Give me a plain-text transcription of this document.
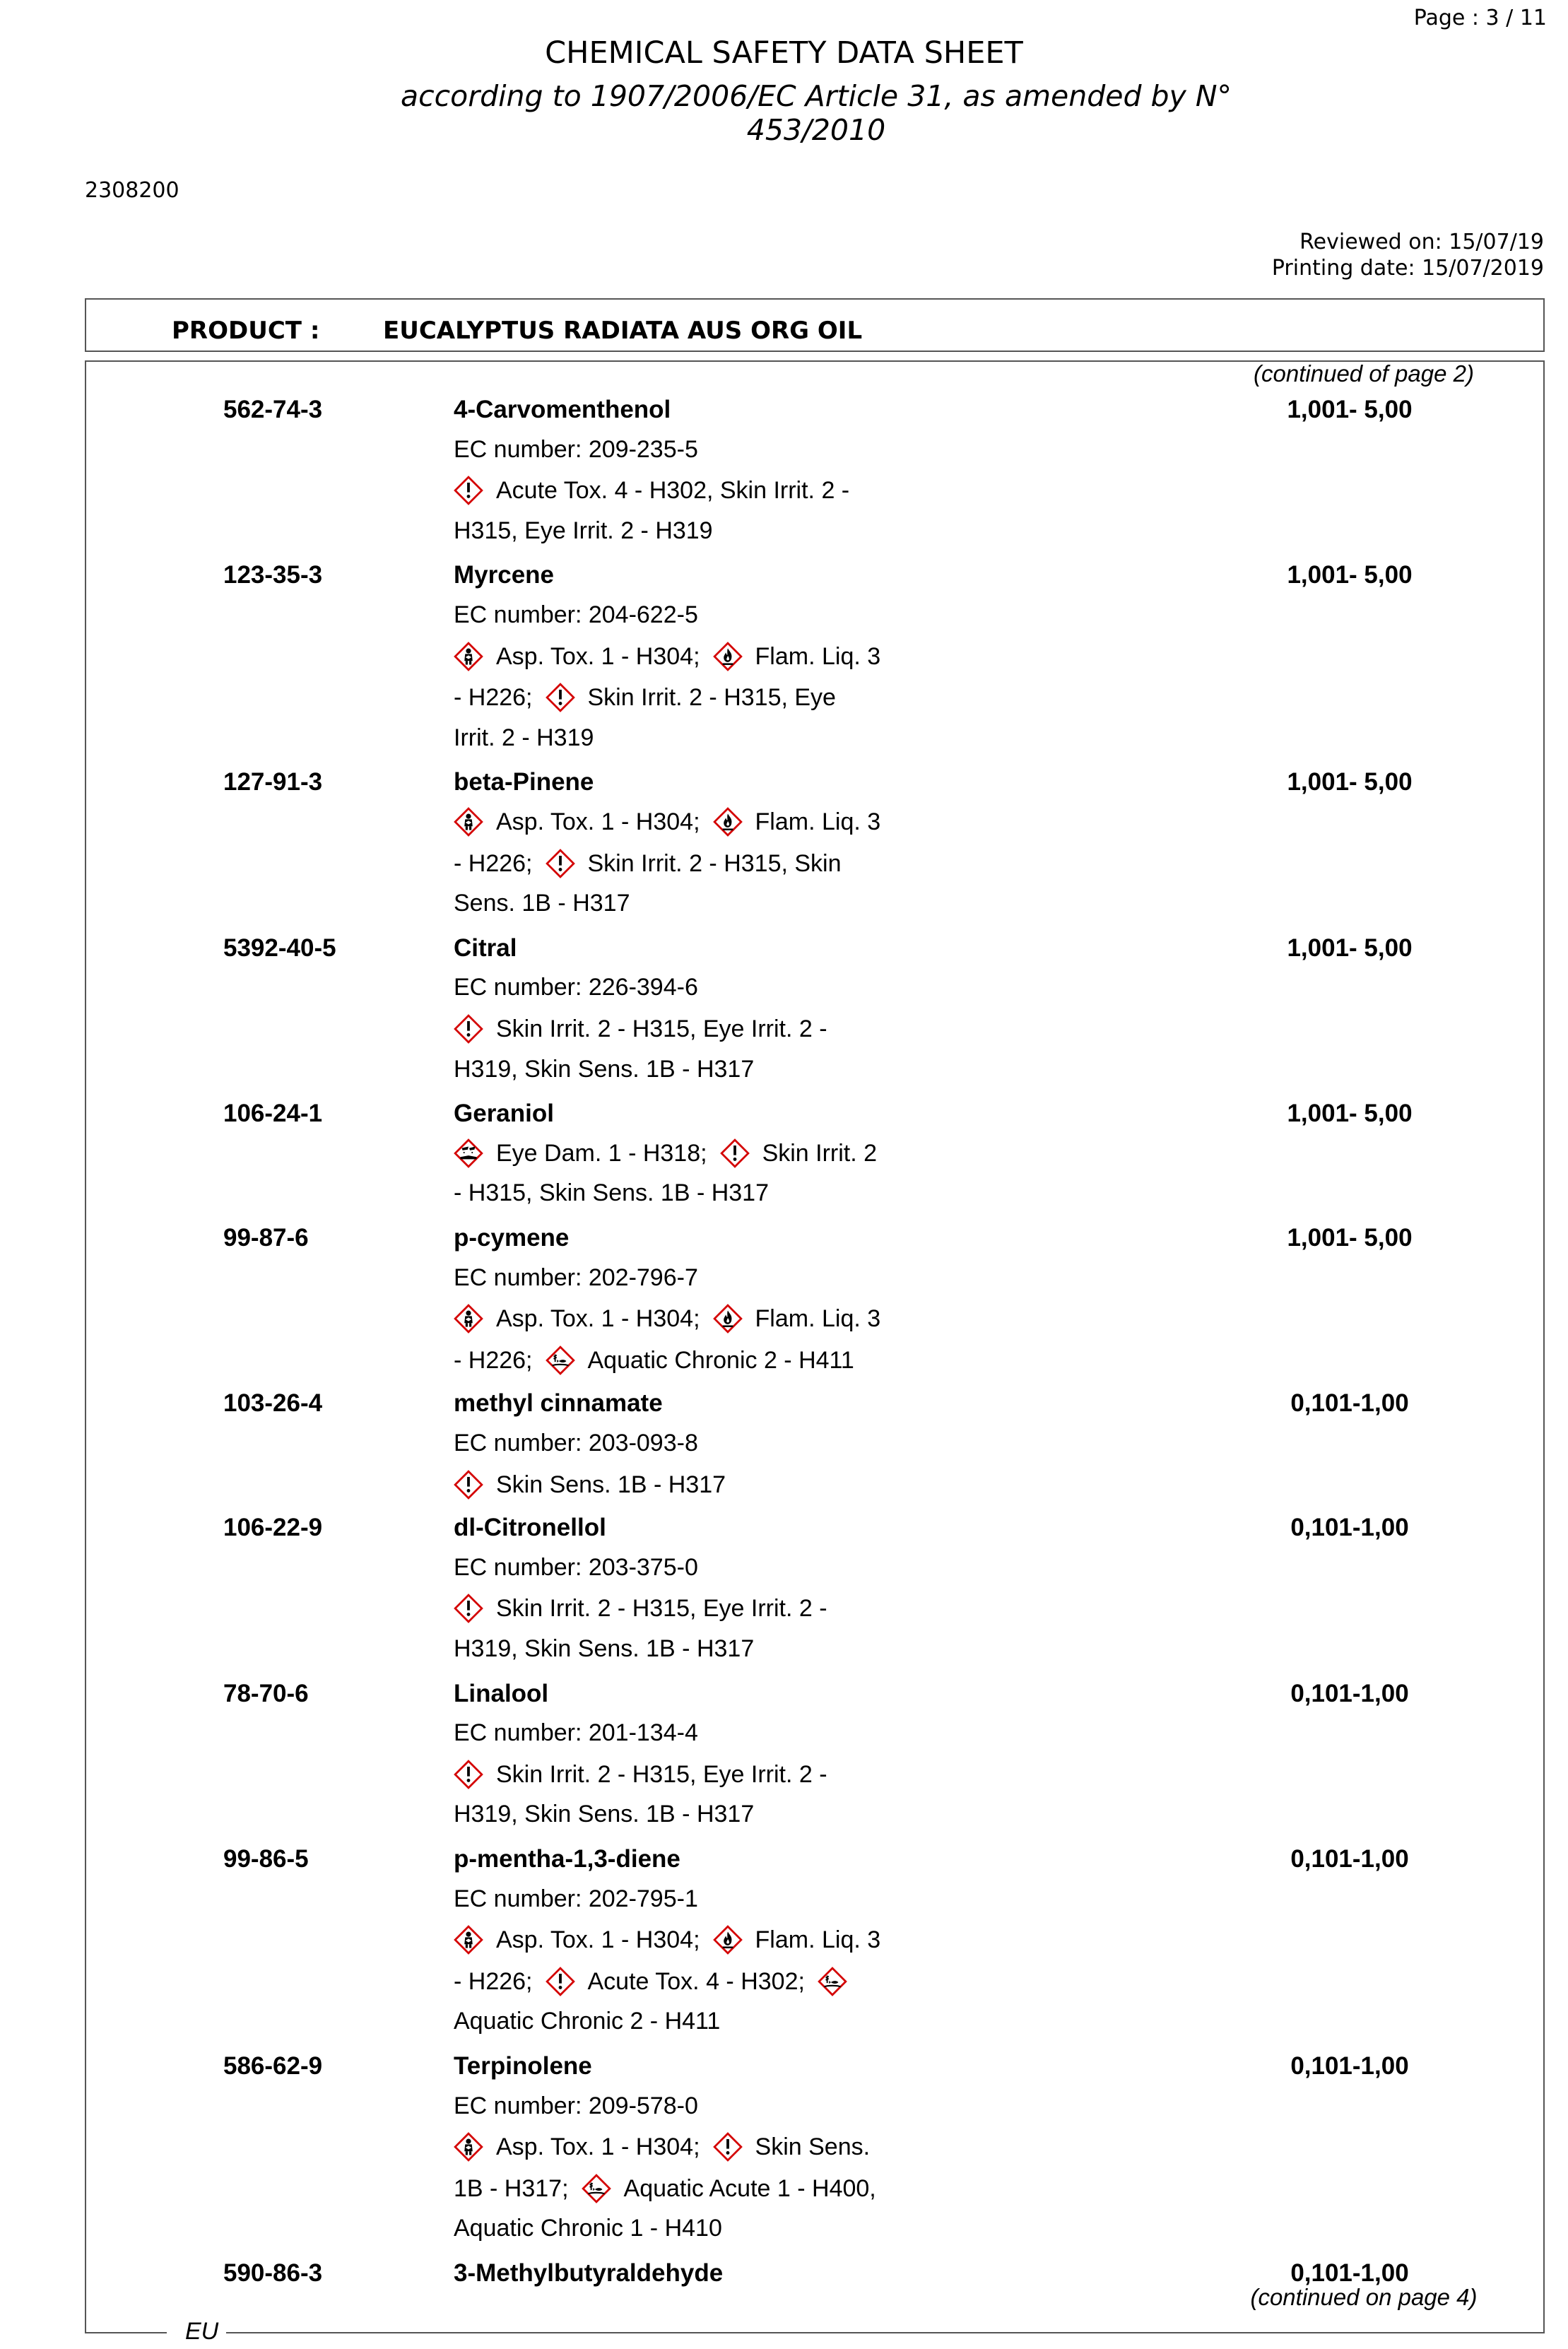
Page : 3 / 11
CHEMICAL SAFETY DATA SHEET
according to 1907/2006/EC Article 31, as amended by N°
453/2010
2308200
Reviewed on: 15/07/19
Printing date: 15/07/2019
PRODUCT :	EUCALYPTUS RADIATA AUS ORG OIL
(continued of page 2)
562-74-3	4-Carvomenthenol	1,001- 5,00
EC number: 209-235-5
Acute Tox. 4 - H302, Skin Irrit. 2 -
H315, Eye Irrit. 2 - H319
123-35-3	Myrcene	1,001- 5,00
EC number: 204-622-5
Asp. Tox. 1 - H304; Flam. Liq. 3
- H226; Skin Irrit. 2 - H315, Eye
Irrit. 2 - H319
127-91-3	beta-Pinene	1,001- 5,00
Asp. Tox. 1 - H304; Flam. Liq. 3
- H226; Skin Irrit. 2 - H315, Skin
Sens. 1B - H317
5392-40-5	Citral	1,001- 5,00
EC number: 226-394-6
Skin Irrit. 2 - H315, Eye Irrit. 2 -
H319, Skin Sens. 1B - H317
106-24-1	Geraniol	1,001- 5,00
Eye Dam. 1 - H318; Skin Irrit. 2
- H315, Skin Sens. 1B - H317
99-87-6	p-cymene	1,001- 5,00
EC number: 202-796-7
Asp. Tox. 1 - H304; Flam. Liq. 3
- H226; Aquatic Chronic 2 - H411
103-26-4	methyl cinnamate	0,101-1,00
EC number: 203-093-8
Skin Sens. 1B - H317
106-22-9	dl-Citronellol	0,101-1,00
EC number: 203-375-0
Skin Irrit. 2 - H315, Eye Irrit. 2 -
H319, Skin Sens. 1B - H317
78-70-6	Linalool	0,101-1,00
EC number: 201-134-4
Skin Irrit. 2 - H315, Eye Irrit. 2 -
H319, Skin Sens. 1B - H317
99-86-5	p-mentha-1,3-diene	0,101-1,00
EC number: 202-795-1
Asp. Tox. 1 - H304; Flam. Liq. 3
- H226; Acute Tox. 4 - H302;
Aquatic Chronic 2 - H411
586-62-9	Terpinolene	0,101-1,00
EC number: 209-578-0
Asp. Tox. 1 - H304; Skin Sens.
1B - H317; Aquatic Acute 1 - H400,
Aquatic Chronic 1 - H410
590-86-3	3-Methylbutyraldehyde	0,101-1,00
(continued on page 4)
EU
